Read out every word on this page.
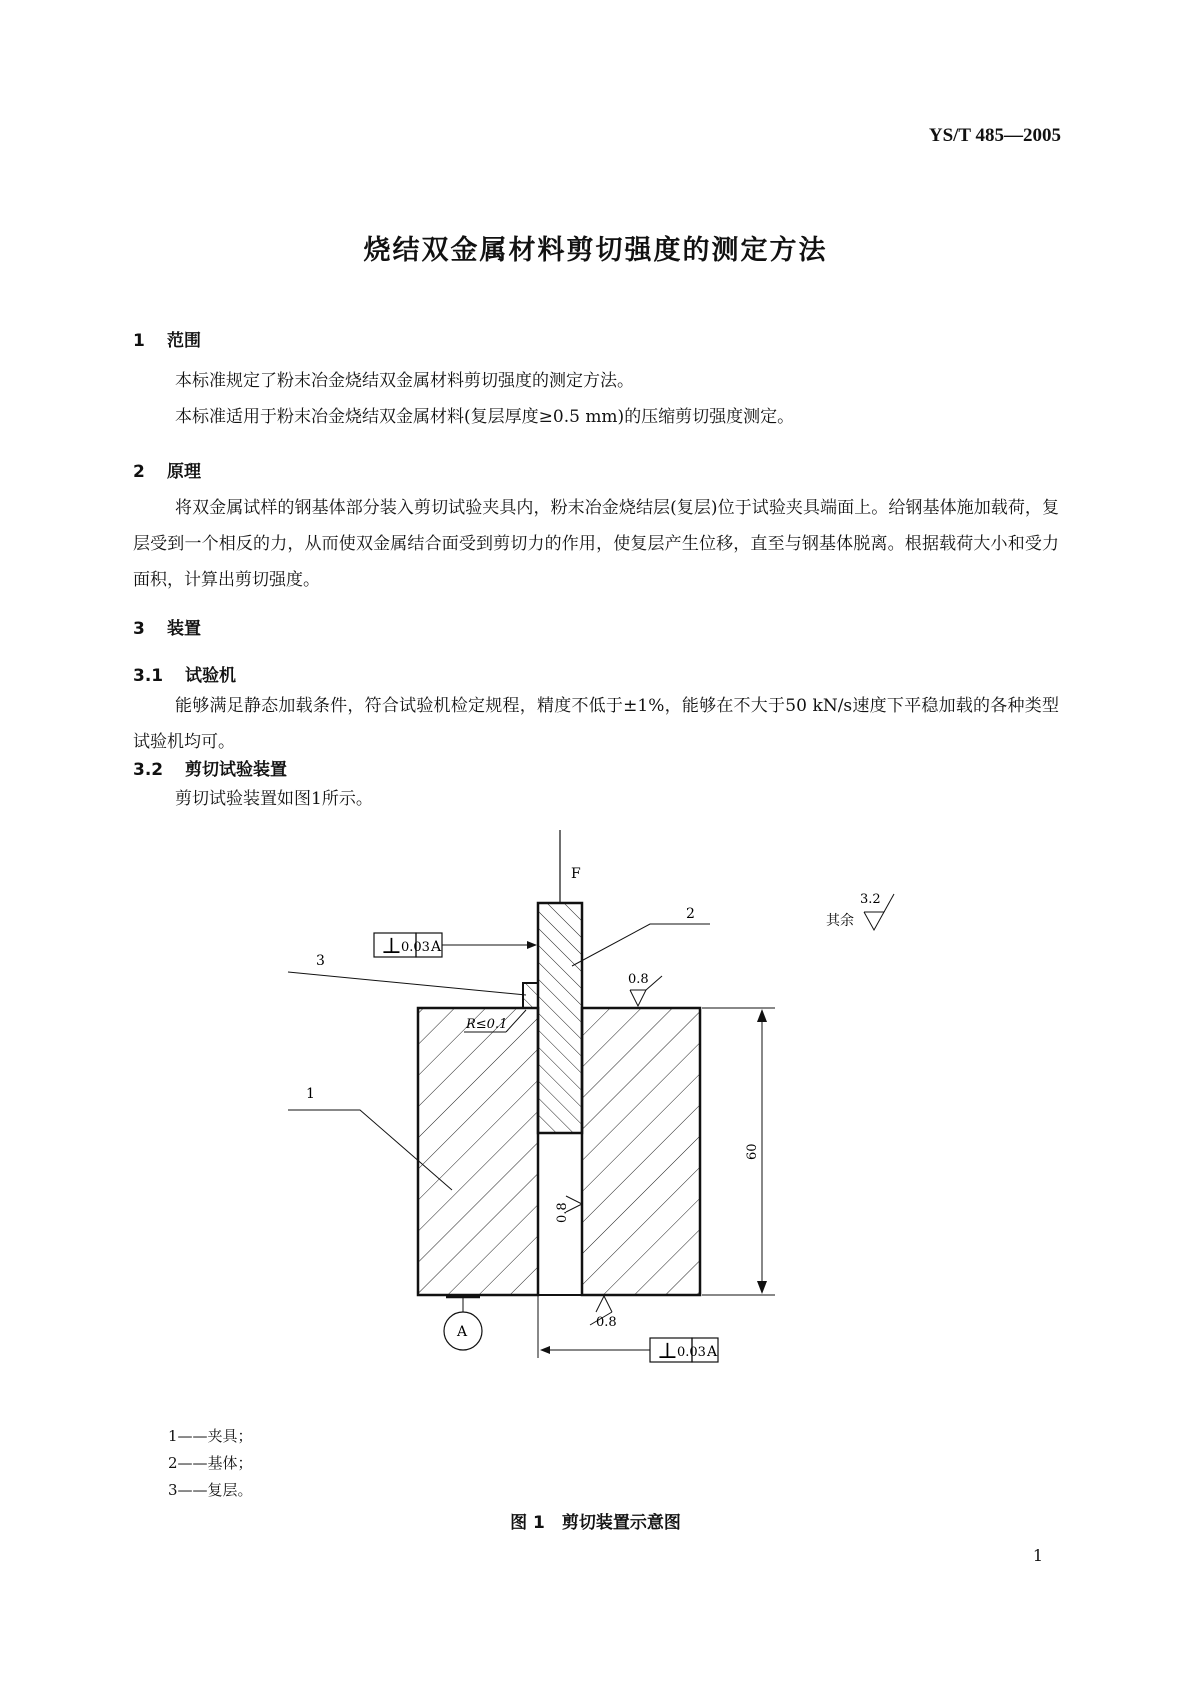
YS/T 485—2005
烧结双金属材料剪切强度的测定方法
1 范围
本标准规定了粉末冶金烧结双金属材料剪切强度的测定方法。
本标准适用于粉末冶金烧结双金属材料(复层厚度≥0.5 mm)的压缩剪切强度测定。
2 原理
将双金属试样的钢基体部分装入剪切试验夹具内，粉末冶金烧结层(复层)位于试验夹具端面上。给钢基体施加载荷，复层受到一个相反的力，从而使双金属结合面受到剪切力的作用，使复层产生位移，直至与钢基体脱离。根据载荷大小和受力面积，计算出剪切强度。
3 装置
3.1 试验机
能够满足静态加载条件，符合试验机检定规程，精度不低于±1%，能够在不大于50 kN/s速度下平稳加载的各种类型试验机均可。
3.2 剪切试验装置
剪切试验装置如图1所示。
F
2
3
1
⊥ 0.03 A
R≤0.1
0.8
0.8
0.8
60
A
⊥ 0.03 A
其余
3.2
1——夹具；
2——基体；
3——复层。
图 1　剪切装置示意图
1
